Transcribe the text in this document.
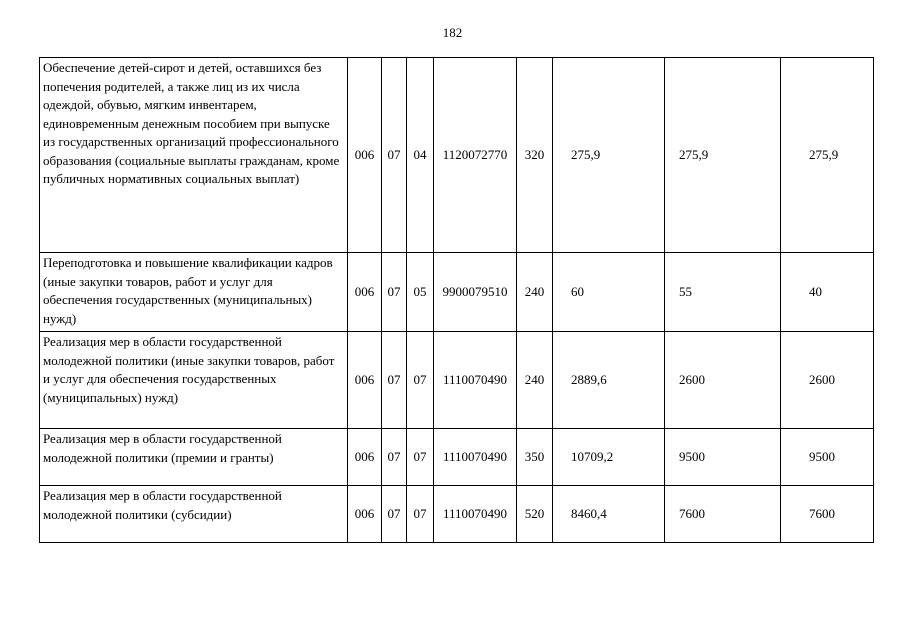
182
Обеспечение детей-сирот и детей, оставшихся без попечения родителей, а также лиц из их числа одеждой, обувью, мягким инвентарем, единовременным денежным пособием при выпуске из государственных организаций профессионального образования (социальные выплаты гражданам, кроме публичных нормативных социальных выплат)	006	07	04	1120072770	320	275,9	275,9	275,9
Переподготовка и повышение квалификации кадров (иные закупки товаров, работ и услуг для обеспечения государственных (муниципальных) нужд)	006	07	05	9900079510	240	60	55	40
Реализация мер в области государственной молодежной политики (иные закупки товаров, работ и услуг для обеспечения государственных (муниципальных) нужд)	006	07	07	1110070490	240	2889,6	2600	2600
Реализация мер в области государственной молодежной политики (премии и гранты)	006	07	07	1110070490	350	10709,2	9500	9500
Реализация мер в области государственной молодежной политики (субсидии)	006	07	07	1110070490	520	8460,4	7600	7600
